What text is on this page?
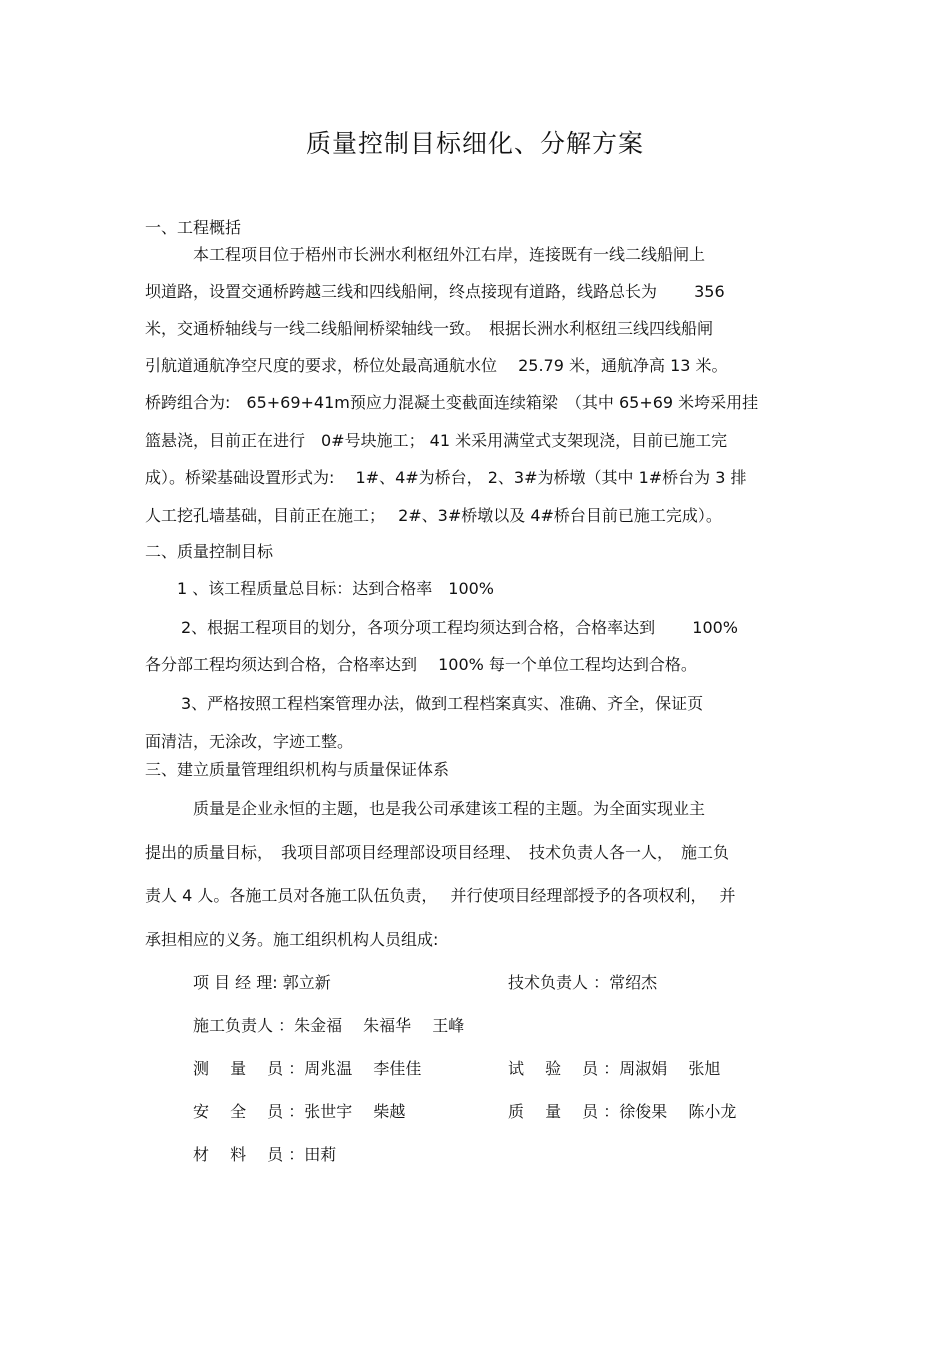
质量控制目标细化、分解方案
一、工程概括
本工程项目位于梧州市长洲水利枢纽外江右岸，连接既有一线二线船闸上
坝道路，设置交通桥跨越三线和四线船闸，终点接现有道路，线路总长为　　 356
米，交通桥轴线与一线二线船闸桥梁轴线一致。　根据长洲水利枢纽三线四线船闸
引航道通航净空尺度的要求，桥位处最高通航水位　 25.79 米，通航净高 13 米。
桥跨组合为:　65+69+41m预应力混凝土变截面连续箱梁　（其中 65+69 米垮采用挂
篮悬浇，目前正在进行　0#号块施工； 41 米采用满堂式支架现浇，目前已施工完
成）。桥梁基础设置形式为:　 1#、4#为桥台， 2、3#为桥墩（其中 1#桥台为 3 排
人工挖孔墙基础，目前正在施工；　 2#、3#桥墩以及 4#桥台目前已施工完成）。
二、质量控制目标
1 、该工程质量总目标：达到合格率　100%
2、根据工程项目的划分，各项分项工程均须达到合格，合格率达到　　 100%
各分部工程均须达到合格，合格率达到　 100% 每一个单位工程均达到合格。
3、严格按照工程档案管理办法，做到工程档案真实、准确、齐全，保证页
面清洁，无涂改，字迹工整。
三、建立质量管理组织机构与质量保证体系
质量是企业永恒的主题，也是我公司承建该工程的主题。为全面实现业主
提出的质量目标，　我项目部项目经理部设项目经理、　技术负责人各一人，　施工负
责人 4 人。各施工员对各施工队伍负责，　 并行使项目经理部授予的各项权利，　 并
承担相应的义务。施工组织机构人员组成:
项 目 经 理: 郭立新	技术负责人 ：常绍杰
施工负责人 ：朱金福　 朱福华　 王峰
测　 量　 员 ：周兆温　 李佳佳	试　 验　 员 ：周淑娟　 张旭
安　 全　 员 ：张世宇　 柴越	质　 量　 员 ：徐俊果　 陈小龙
材　 料　 员 ：田莉
